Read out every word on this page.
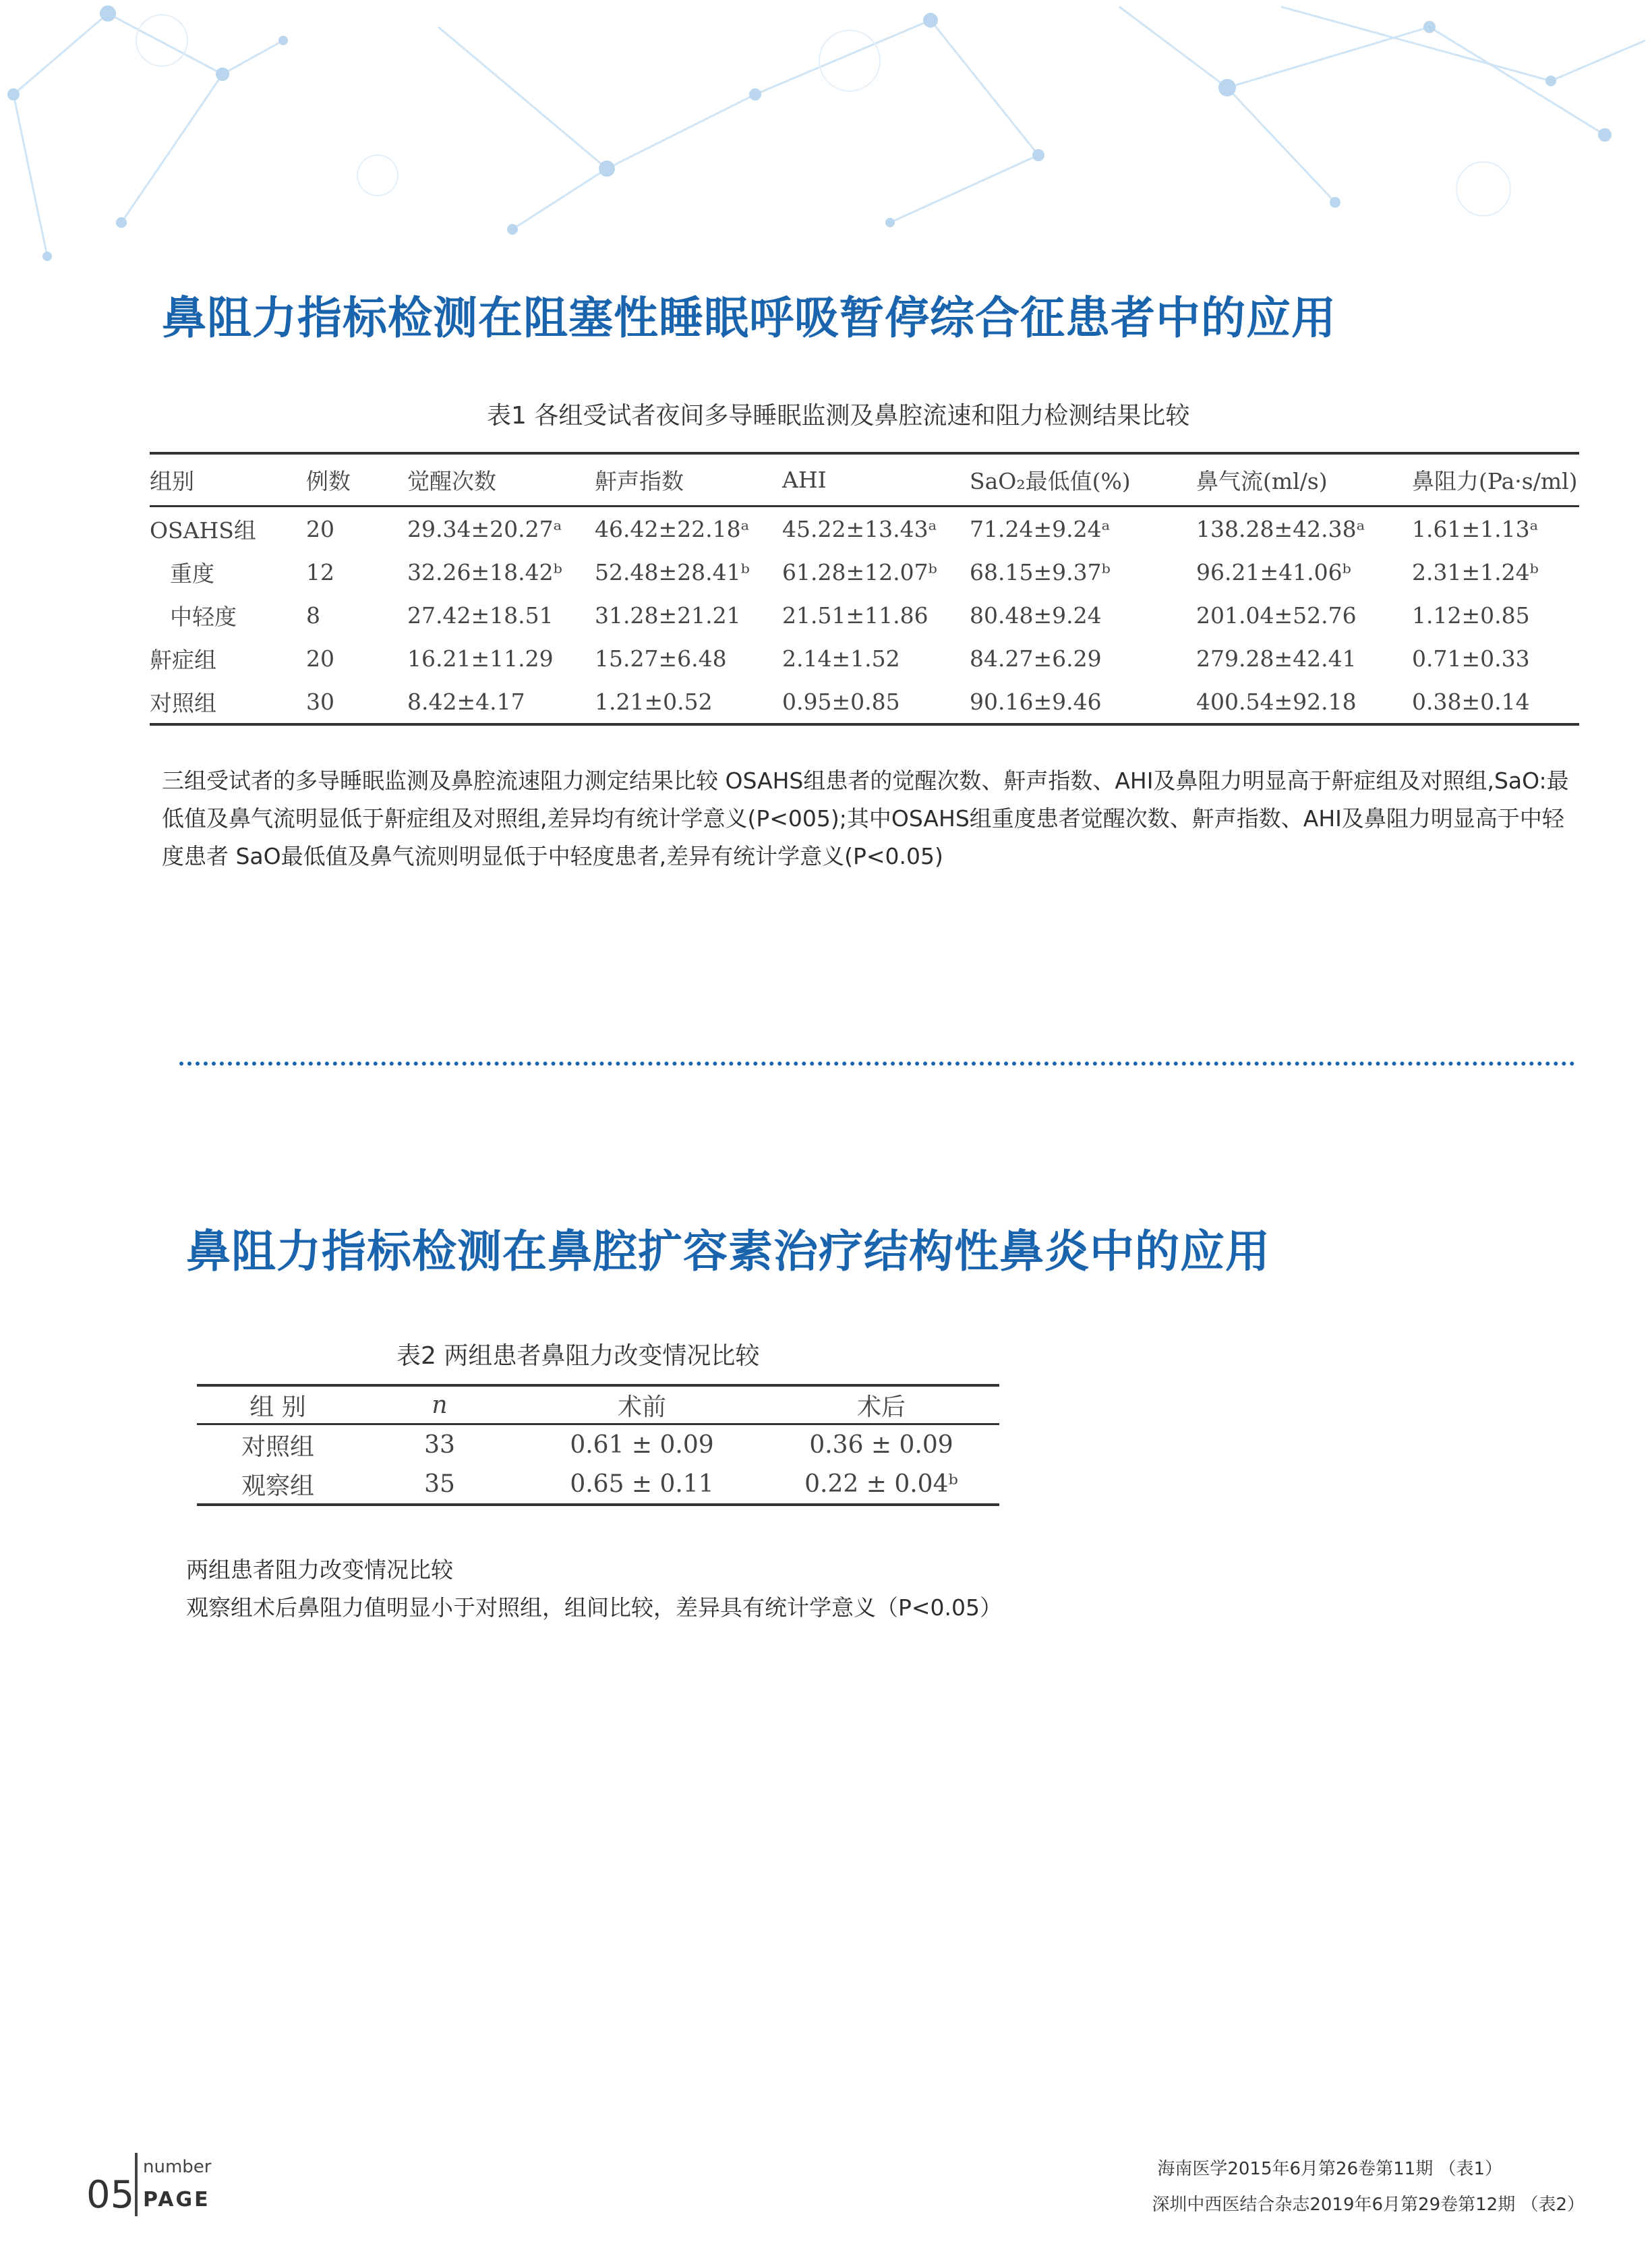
鼻阻力指标检测在阻塞性睡眠呼吸暂停综合征患者中的应用
表1 各组受试者夜间多导睡眠监测及鼻腔流速和阻力检测结果比较
组别	例数	觉醒次数	鼾声指数	AHI	SaO₂最低值(%)	鼻气流(ml/s)	鼻阻力(Pa·s/ml)
OSAHS组	20	29.34±20.27ᵃ	46.42±22.18ᵃ	45.22±13.43ᵃ	71.24±9.24ᵃ	138.28±42.38ᵃ	1.61±1.13ᵃ
重度	12	32.26±18.42ᵇ	52.48±28.41ᵇ	61.28±12.07ᵇ	68.15±9.37ᵇ	96.21±41.06ᵇ	2.31±1.24ᵇ
中轻度	8	27.42±18.51	31.28±21.21	21.51±11.86	80.48±9.24	201.04±52.76	1.12±0.85
鼾症组	20	16.21±11.29	15.27±6.48	2.14±1.52	84.27±6.29	279.28±42.41	0.71±0.33
对照组	30	8.42±4.17	1.21±0.52	0.95±0.85	90.16±9.46	400.54±92.18	0.38±0.14

三组受试者的多导睡眠监测及鼻腔流速阻力测定结果比较 OSAHS组患者的觉醒次数、鼾声指数、AHI及鼻阻力明显高于鼾症组及对照组,SaO:最低值及鼻气流明显低于鼾症组及对照组,差异均有统计学意义(P<005);其中OSAHS组重度患者觉醒次数、鼾声指数、AHI及鼻阻力明显高于中轻度患者 SaO最低值及鼻气流则明显低于中轻度患者,差异有统计学意义(P<0.05)

鼻阻力指标检测在鼻腔扩容素治疗结构性鼻炎中的应用
表2 两组患者鼻阻力改变情况比较
组 别	n	术前	术后
对照组	33	0.61 ± 0.09	0.36 ± 0.09
观察组	35	0.65 ± 0.11	0.22 ± 0.04ᵇ
两组患者阻力改变情况比较
观察组术后鼻阻力值明显小于对照组，组间比较，差异具有统计学意义（P<0.05）
05
number
PAGE
海南医学2015年6月第26卷第11期 （表1）
深圳中西医结合杂志2019年6月第29卷第12期 （表2）
